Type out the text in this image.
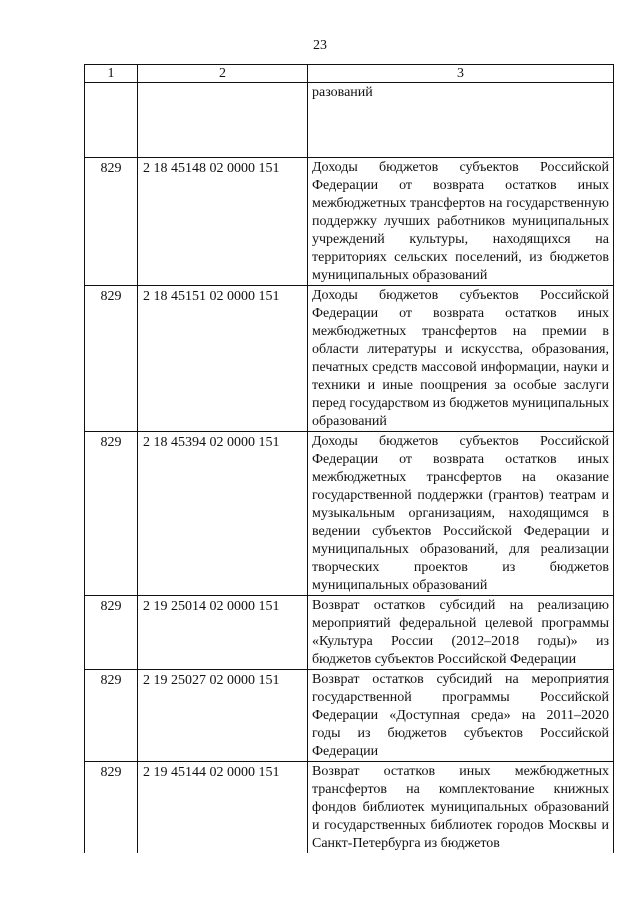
23
1	2	3
		разований
829	2 18 45148 02 0000 151	Доходы бюджетов субъектов Российской Федерации от возврата остатков иных межбюджетных трансфертов на государственную поддержку лучших работников муниципальных учреждений культуры, находящихся на территориях сельских поселений, из бюджетов муниципальных образований
829	2 18 45151 02 0000 151	Доходы бюджетов субъектов Российской Федерации от возврата остатков иных межбюджетных трансфертов на премии в области литературы и искусства, образования, печатных средств массовой информации, науки и техники и иные поощрения за особые заслуги перед государством из бюджетов муниципальных образований
829	2 18 45394 02 0000 151	Доходы бюджетов субъектов Российской Федерации от возврата остатков иных межбюджетных трансфертов на оказание государственной поддержки (грантов) театрам и музыкальным организациям, находящимся в ведении субъектов Российской Федерации и муниципальных образований, для реализации творческих проектов из бюджетов муниципальных образований
829	2 19 25014 02 0000 151	Возврат остатков субсидий на реализацию мероприятий федеральной целевой программы «Культура России (2012–2018 годы)» из бюджетов субъектов Российской Федерации
829	2 19 25027 02 0000 151	Возврат остатков субсидий на мероприятия государственной программы Российской Федерации «Доступная среда» на 2011–2020 годы из бюджетов субъектов Российской Федерации
829	2 19 45144 02 0000 151	Возврат остатков иных межбюджетных трансфертов на комплектование книжных фондов библиотек муниципальных образований и государственных библиотек городов Москвы и Санкт-Петербурга из бюджетов
